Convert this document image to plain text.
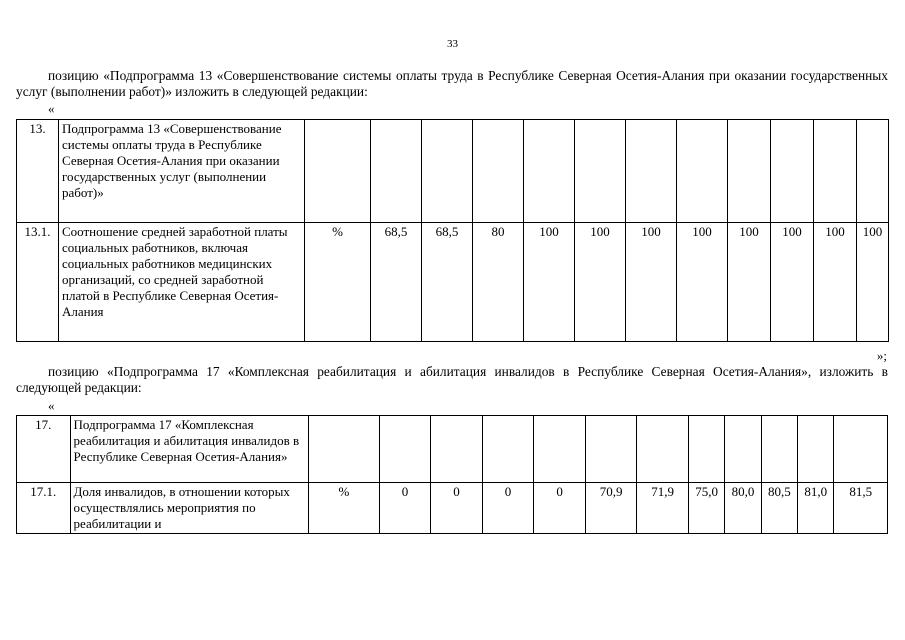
33
позицию «Подпрограмма 13 «Совершенствование системы оплаты труда в Республике Северная Осетия-Алания при оказании государственных услуг (выполнении работ)» изложить в следующей редакции:
«
13.	Подпрограмма 13 «Совершенствование системы оплаты труда в Республике Северная Осетия-Алания при оказании государственных услуг (выполнении работ)»												
13.1.	Соотношение средней заработной платы социальных работников, включая социальных работников медицинских организаций, со средней заработной платой в Республике Северная Осетия-Алания	%	68,5	68,5	80	100	100	100	100	100	100	100	100
»;
позицию «Подпрограмма 17 «Комплексная реабилитация и абилитация инвалидов в Республике Северная Осетия-Алания», изложить в следующей редакции:
«
17.	Подпрограмма 17 «Комплексная реабилитация и абилитация инвалидов в Республике Северная Осетия-Алания»												
17.1.	Доля инвалидов, в отношении которых осуществлялись мероприятия по реабилитации и	%	0	0	0	0	70,9	71,9	75,0	80,0	80,5	81,0	81,5
